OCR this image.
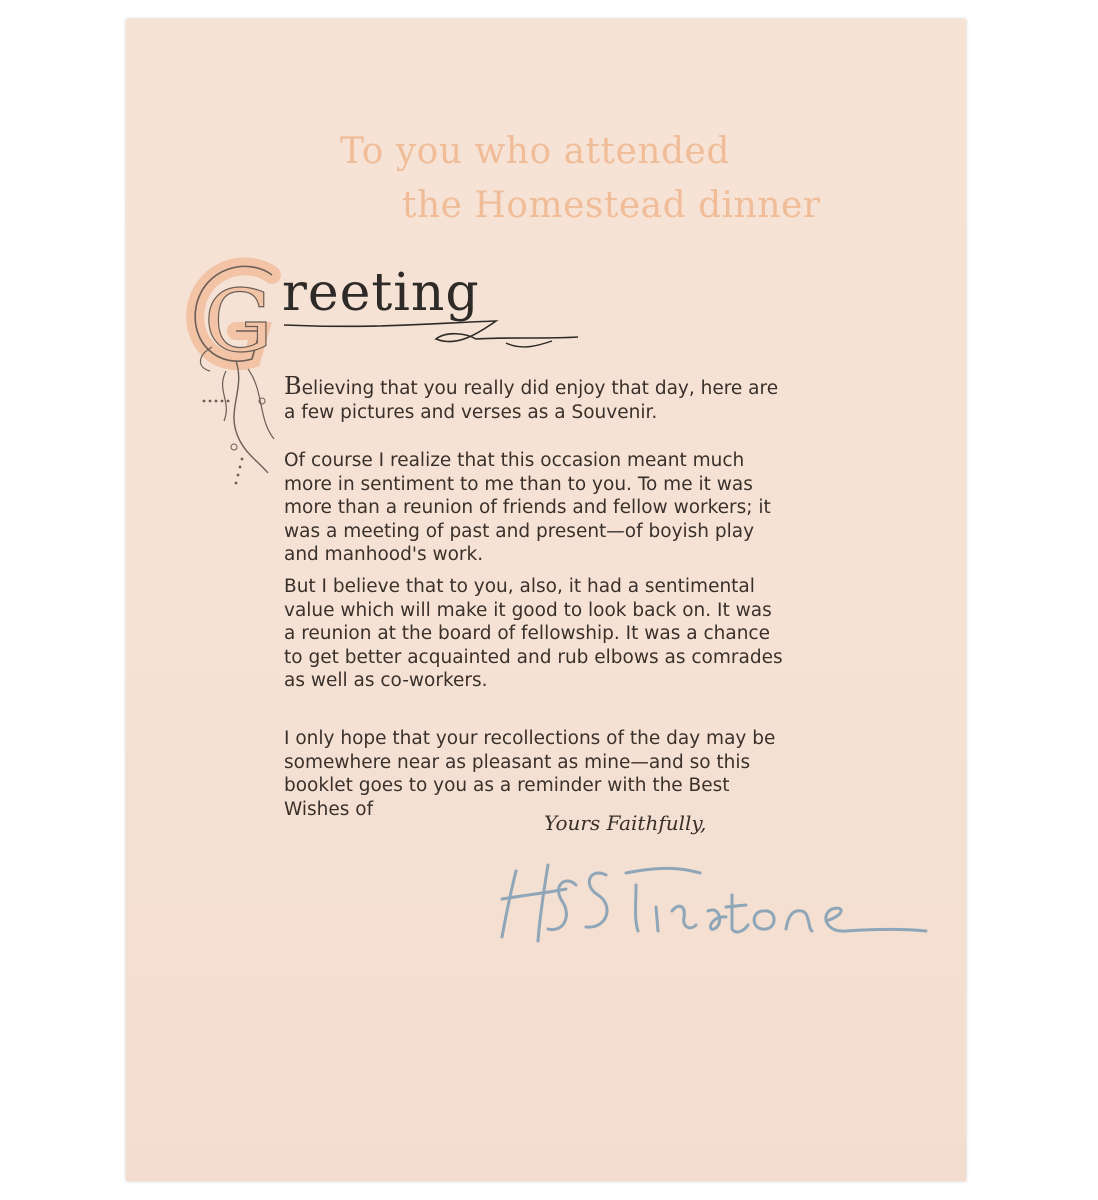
To you who attended
the Homestead dinner
G reeting

Believing that you really did enjoy that day, here are a few pictures and verses as a Souvenir.

Of course I realize that this occasion meant much more in sentiment to me than to you. To me it was more than a reunion of friends and fellow workers; it was a meeting of past and present—of boyish play and manhood's work.

But I believe that to you, also, it had a sentimental value which will make it good to look back on. It was a reunion at the board of fellowship. It was a chance to get better acquainted and rub elbows as comrades as well as co-workers.

I only hope that your recollections of the day may be somewhere near as pleasant as mine—and so this booklet goes to you as a reminder with the Best Wishes of

Yours Faithfully,
H.S. Firestone
